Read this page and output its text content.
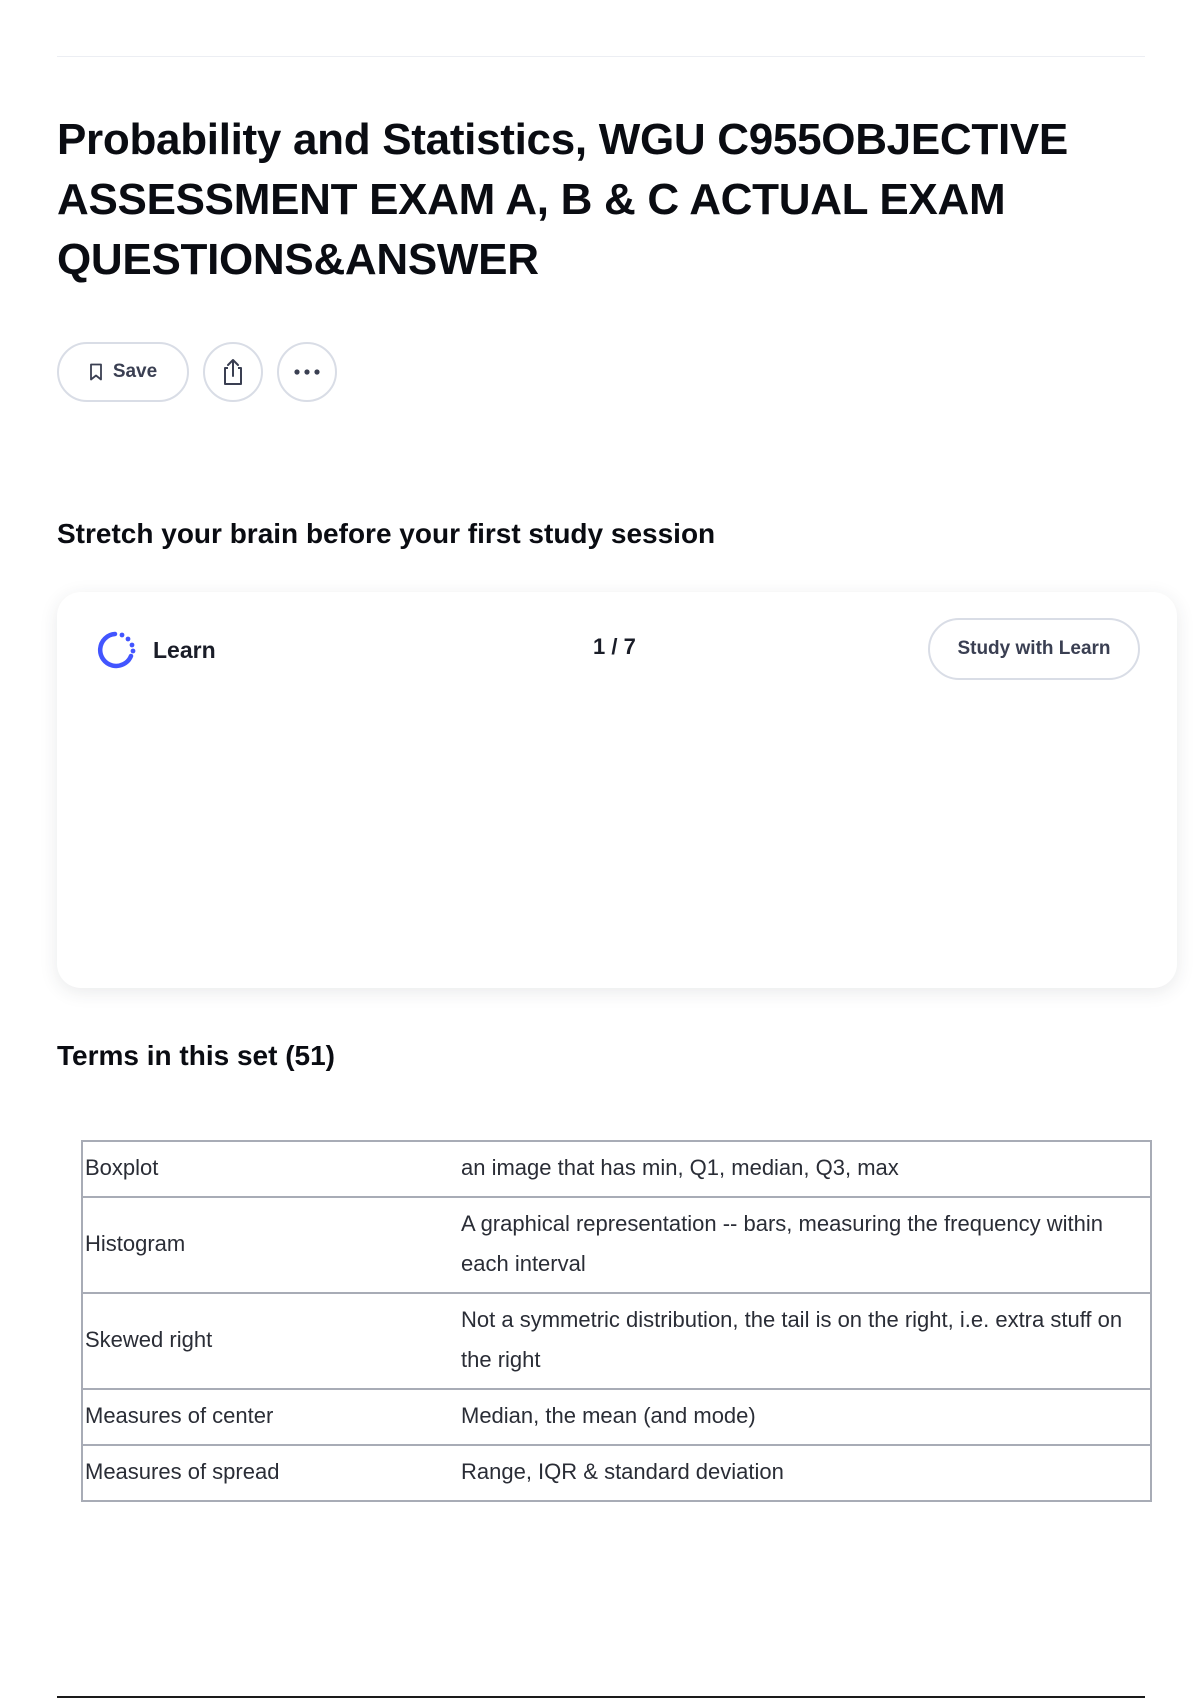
Probability and Statistics, WGU C955OBJECTIVE ASSESSMENT EXAM A, B & C ACTUAL EXAM QUESTIONS&ANSWER
Save
Stretch your brain before your first study session
Learn	1 / 7	Study with Learn
Terms in this set (51)
Boxplot	an image that has min, Q1, median, Q3, max
Histogram	A graphical representation -- bars, measuring the frequency within each interval
Skewed right	Not a symmetric distribution, the tail is on the right, i.e. extra stuff on the right
Measures of center	Median, the mean (and mode)
Measures of spread	Range, IQR & standard deviation
